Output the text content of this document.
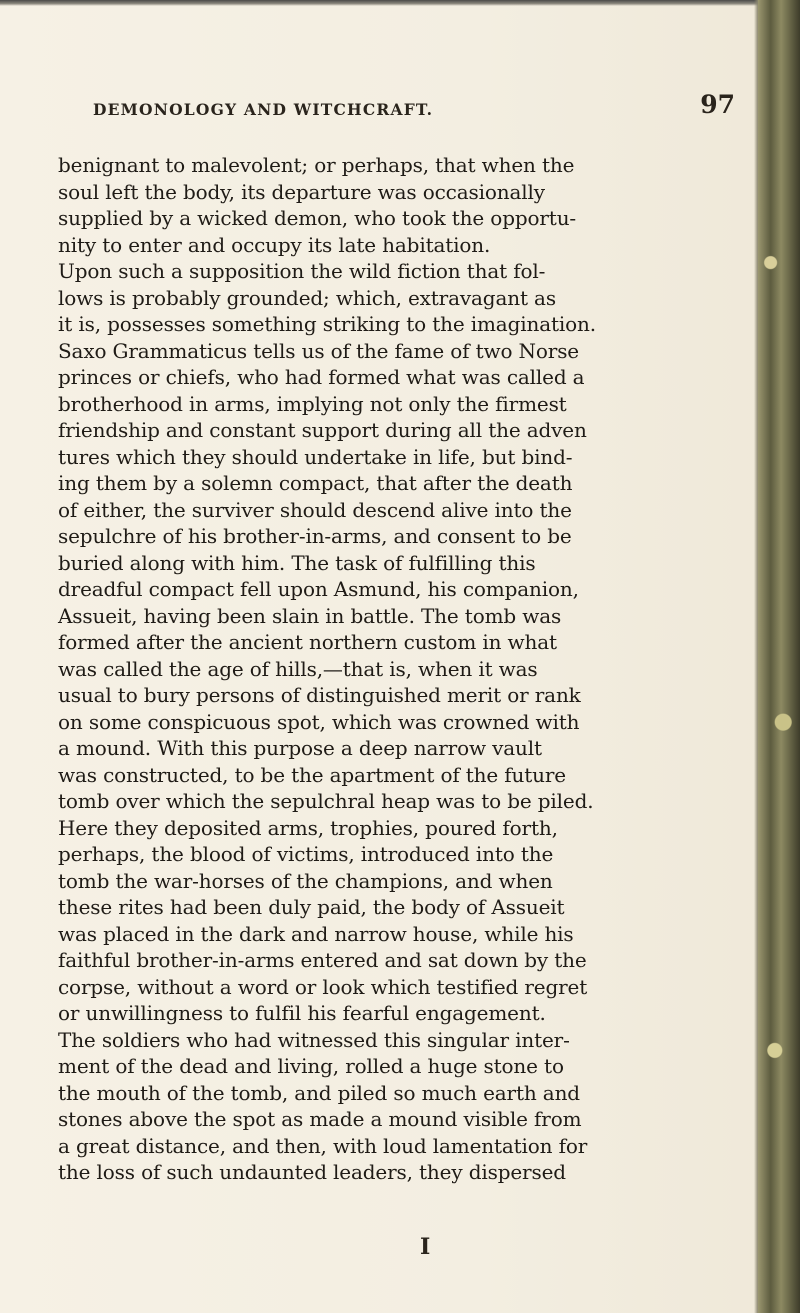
DEMONOLOGY AND WITCHCRAFT.	97
benignant to malevolent; or perhaps, that when the
soul left the body, its departure was occasionally
supplied by a wicked demon, who took the opportu-
nity to enter and occupy its late habitation.
Upon such a supposition the wild fiction that fol-
lows is probably grounded; which, extravagant as
it is, possesses something striking to the imagination.
Saxo Grammaticus tells us of the fame of two Norse
princes or chiefs, who had formed what was called a
brotherhood in arms, implying not only the firmest
friendship and constant support during all the adven
tures which they should undertake in life, but bind-
ing them by a solemn compact, that after the death
of either, the surviver should descend alive into the
sepulchre of his brother-in-arms, and consent to be
buried along with him. The task of fulfilling this
dreadful compact fell upon Asmund, his companion,
Assueit, having been slain in battle. The tomb was
formed after the ancient northern custom in what
was called the age of hills,—that is, when it was
usual to bury persons of distinguished merit or rank
on some conspicuous spot, which was crowned with
a mound. With this purpose a deep narrow vault
was constructed, to be the apartment of the future
tomb over which the sepulchral heap was to be piled.
Here they deposited arms, trophies, poured forth,
perhaps, the blood of victims, introduced into the
tomb the war-horses of the champions, and when
these rites had been duly paid, the body of Assueit
was placed in the dark and narrow house, while his
faithful brother-in-arms entered and sat down by the
corpse, without a word or look which testified regret
or unwillingness to fulfil his fearful engagement.
The soldiers who had witnessed this singular inter-
ment of the dead and living, rolled a huge stone to
the mouth of the tomb, and piled so much earth and
stones above the spot as made a mound visible from
a great distance, and then, with loud lamentation for
the loss of such undaunted leaders, they dispersed
I
